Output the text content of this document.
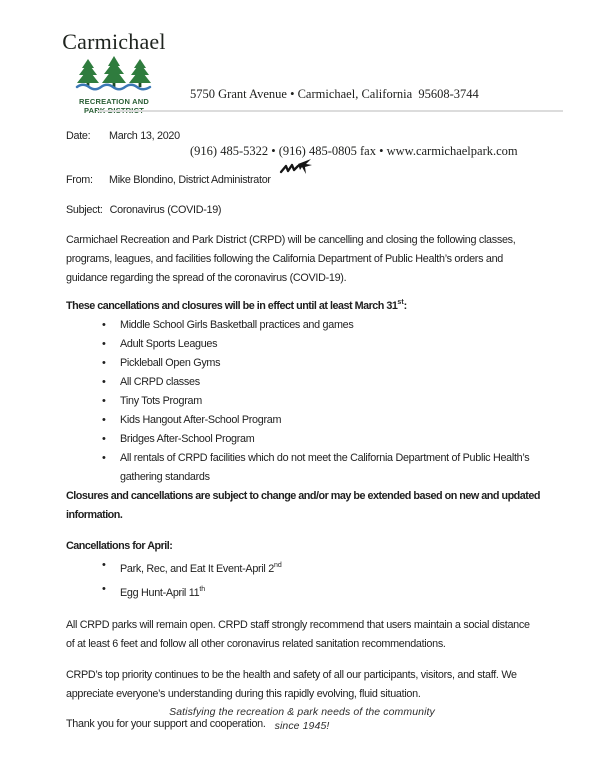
Carmichael
RECREATION AND
PARK DISTRICT

5750 Grant Avenue • Carmichael, California  95608-3744

(916) 485-5322 • (916) 485-0805 fax • www.carmichaelpark.com

Date: March 13, 2020
From: Mike Blondino, District Administrator
Subject: Coronavirus (COVID-19)

Carmichael Recreation and Park District (CRPD) will be cancelling and closing the following classes, programs, leagues, and facilities following the California Department of Public Health’s orders and guidance regarding the spread of the coronavirus (COVID-19).

These cancellations and closures will be in effect until at least March 31st:

• Middle School Girls Basketball practices and games
• Adult Sports Leagues
• Pickleball Open Gyms
• All CRPD classes
• Tiny Tots Program
• Kids Hangout After-School Program
• Bridges After-School Program
• All rentals of CRPD facilities which do not meet the California Department of Public Health’s gathering standards

Closures and cancellations are subject to change and/or may be extended based on new and updated information.

Cancellations for April:

• Park, Rec, and Eat It Event-April 2nd
• Egg Hunt-April 11th

All CRPD parks will remain open. CRPD staff strongly recommend that users maintain a social distance of at least 6 feet and follow all other coronavirus related sanitation recommendations.

CRPD’s top priority continues to be the health and safety of all our participants, visitors, and staff. We appreciate everyone’s understanding during this rapidly evolving, fluid situation.

Thank you for your support and cooperation.

Satisfying the recreation & park needs of the community
since 1945!
